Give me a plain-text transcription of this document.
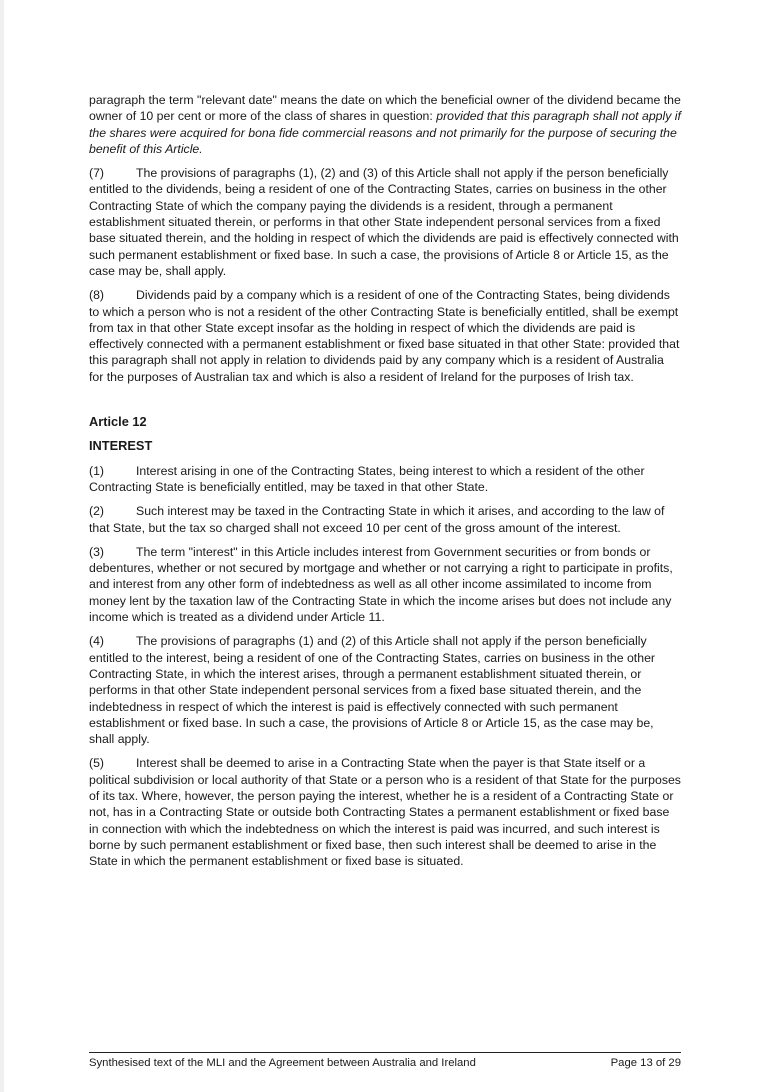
paragraph the term "relevant date" means the date on which the beneficial owner of the dividend became the owner of 10 per cent or more of the class of shares in question: provided that this paragraph shall not apply if the shares were acquired for bona fide commercial reasons and not primarily for the purpose of securing the benefit of this Article.

(7)	The provisions of paragraphs (1), (2) and (3) of this Article shall not apply if the person beneficially entitled to the dividends, being a resident of one of the Contracting States, carries on business in the other Contracting State of which the company paying the dividends is a resident, through a permanent establishment situated therein, or performs in that other State independent personal services from a fixed base situated therein, and the holding in respect of which the dividends are paid is effectively connected with such permanent establishment or fixed base. In such a case, the provisions of Article 8 or Article 15, as the case may be, shall apply.

(8)	Dividends paid by a company which is a resident of one of the Contracting States, being dividends to which a person who is not a resident of the other Contracting State is beneficially entitled, shall be exempt from tax in that other State except insofar as the holding in respect of which the dividends are paid is effectively connected with a permanent establishment or fixed base situated in that other State: provided that this paragraph shall not apply in relation to dividends paid by any company which is a resident of Australia for the purposes of Australian tax and which is also a resident of Ireland for the purposes of Irish tax.

Article 12

INTEREST

(1)	Interest arising in one of the Contracting States, being interest to which a resident of the other Contracting State is beneficially entitled, may be taxed in that other State.

(2)	Such interest may be taxed in the Contracting State in which it arises, and according to the law of that State, but the tax so charged shall not exceed 10 per cent of the gross amount of the interest.

(3)	The term "interest" in this Article includes interest from Government securities or from bonds or debentures, whether or not secured by mortgage and whether or not carrying a right to participate in profits, and interest from any other form of indebtedness as well as all other income assimilated to income from money lent by the taxation law of the Contracting State in which the income arises but does not include any income which is treated as a dividend under Article 11.

(4)	The provisions of paragraphs (1) and (2) of this Article shall not apply if the person beneficially entitled to the interest, being a resident of one of the Contracting States, carries on business in the other Contracting State, in which the interest arises, through a permanent establishment situated therein, or performs in that other State independent personal services from a fixed base situated therein, and the indebtedness in respect of which the interest is paid is effectively connected with such permanent establishment or fixed base. In such a case, the provisions of Article 8 or Article 15, as the case may be, shall apply.

(5)	Interest shall be deemed to arise in a Contracting State when the payer is that State itself or a political subdivision or local authority of that State or a person who is a resident of that State for the purposes of its tax. Where, however, the person paying the interest, whether he is a resident of a Contracting State or not, has in a Contracting State or outside both Contracting States a permanent establishment or fixed base in connection with which the indebtedness on which the interest is paid was incurred, and such interest is borne by such permanent establishment or fixed base, then such interest shall be deemed to arise in the State in which the permanent establishment or fixed base is situated.

Synthesised text of the MLI and the Agreement between Australia and Ireland	Page 13 of 29
